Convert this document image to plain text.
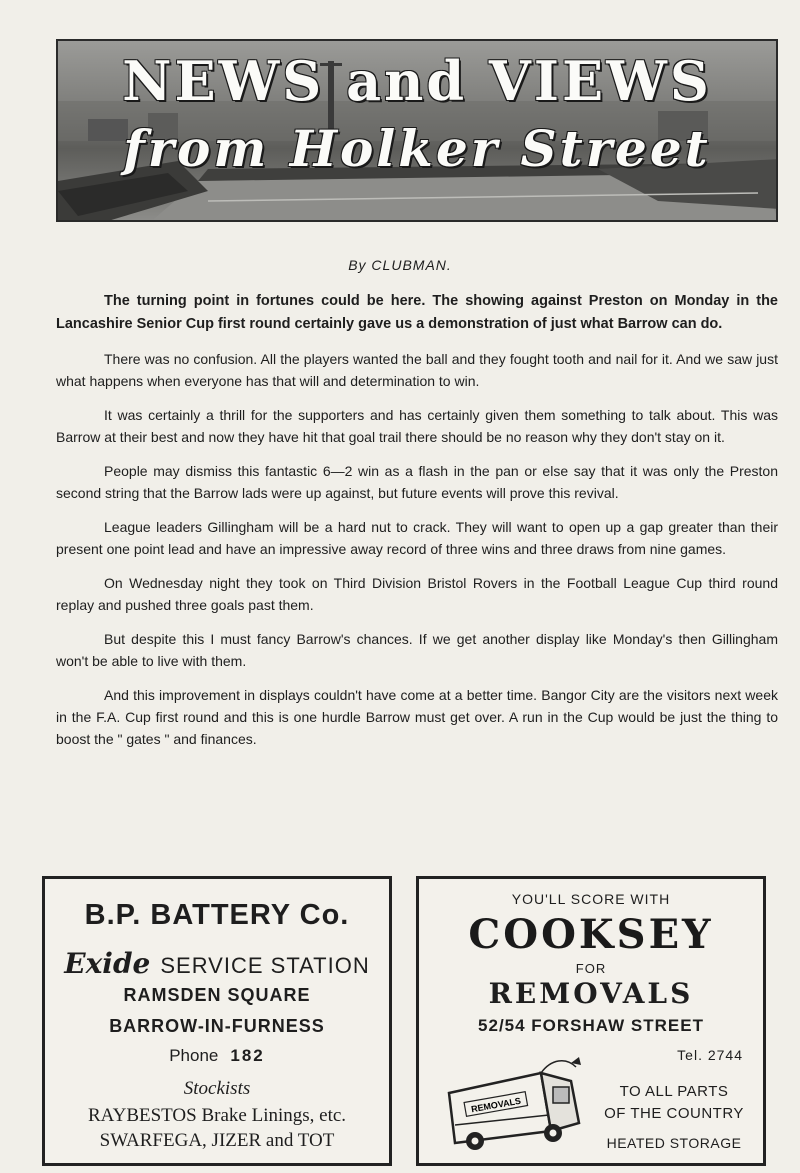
NEWS and VIEWS
from Holker Street
By CLUBMAN.

The turning point in fortunes could be here. The showing against Preston on Monday in the Lancashire Senior Cup first round certainly gave us a demonstration of just what Barrow can do.

There was no confusion. All the players wanted the ball and they fought tooth and nail for it. And we saw just what happens when everyone has that will and determination to win.

It was certainly a thrill for the supporters and has certainly given them something to talk about. This was Barrow at their best and now they have hit that goal trail there should be no reason why they don't stay on it.

People may dismiss this fantastic 6—2 win as a flash in the pan or else say that it was only the Preston second string that the Barrow lads were up against, but future events will prove this revival.

League leaders Gillingham will be a hard nut to crack. They will want to open up a gap greater than their present one point lead and have an impressive away record of three wins and three draws from nine games.

On Wednesday night they took on Third Division Bristol Rovers in the Football League Cup third round replay and pushed three goals past them.

But despite this I must fancy Barrow's chances. If we get another display like Monday's then Gillingham won't be able to live with them.

And this improvement in displays couldn't have come at a better time. Bangor City are the visitors next week in the F.A. Cup first round and this is one hurdle Barrow must get over. A run in the Cup would be just the thing to boost the " gates " and finances.

B.P. BATTERY Co.
Exide SERVICE STATION
RAMSDEN SQUARE
BARROW-IN-FURNESS
Phone 182
Stockists
RAYBESTOS Brake Linings, etc.
SWARFEGA, JIZER and TOT
YOU'LL SCORE WITH
COOKSEY
FOR
REMOVALS
52/54 FORSHAW STREET
Tel. 2744
REMOVALS
TO ALL PARTS
OF THE COUNTRY
HEATED STORAGE
